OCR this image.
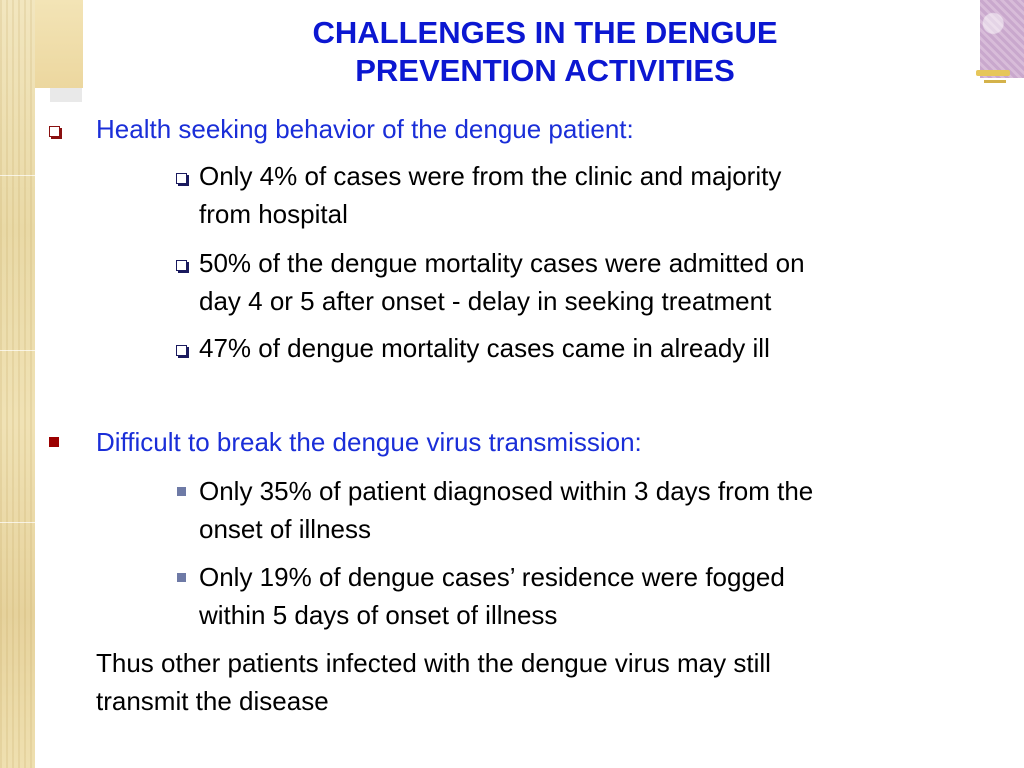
CHALLENGES IN THE DENGUE
PREVENTION ACTIVITIES
Health seeking behavior of the dengue patient:
Only 4% of cases were from the clinic and majority
from hospital
50% of the dengue mortality cases were admitted on
day 4 or 5 after onset - delay in seeking treatment
47% of dengue mortality cases came in already ill
Difficult to break the dengue virus transmission:
Only 35% of patient diagnosed within 3 days from the
onset of illness
Only 19% of dengue cases’ residence were fogged
within 5 days of onset of illness
Thus other patients infected with the dengue virus may still
transmit the disease
